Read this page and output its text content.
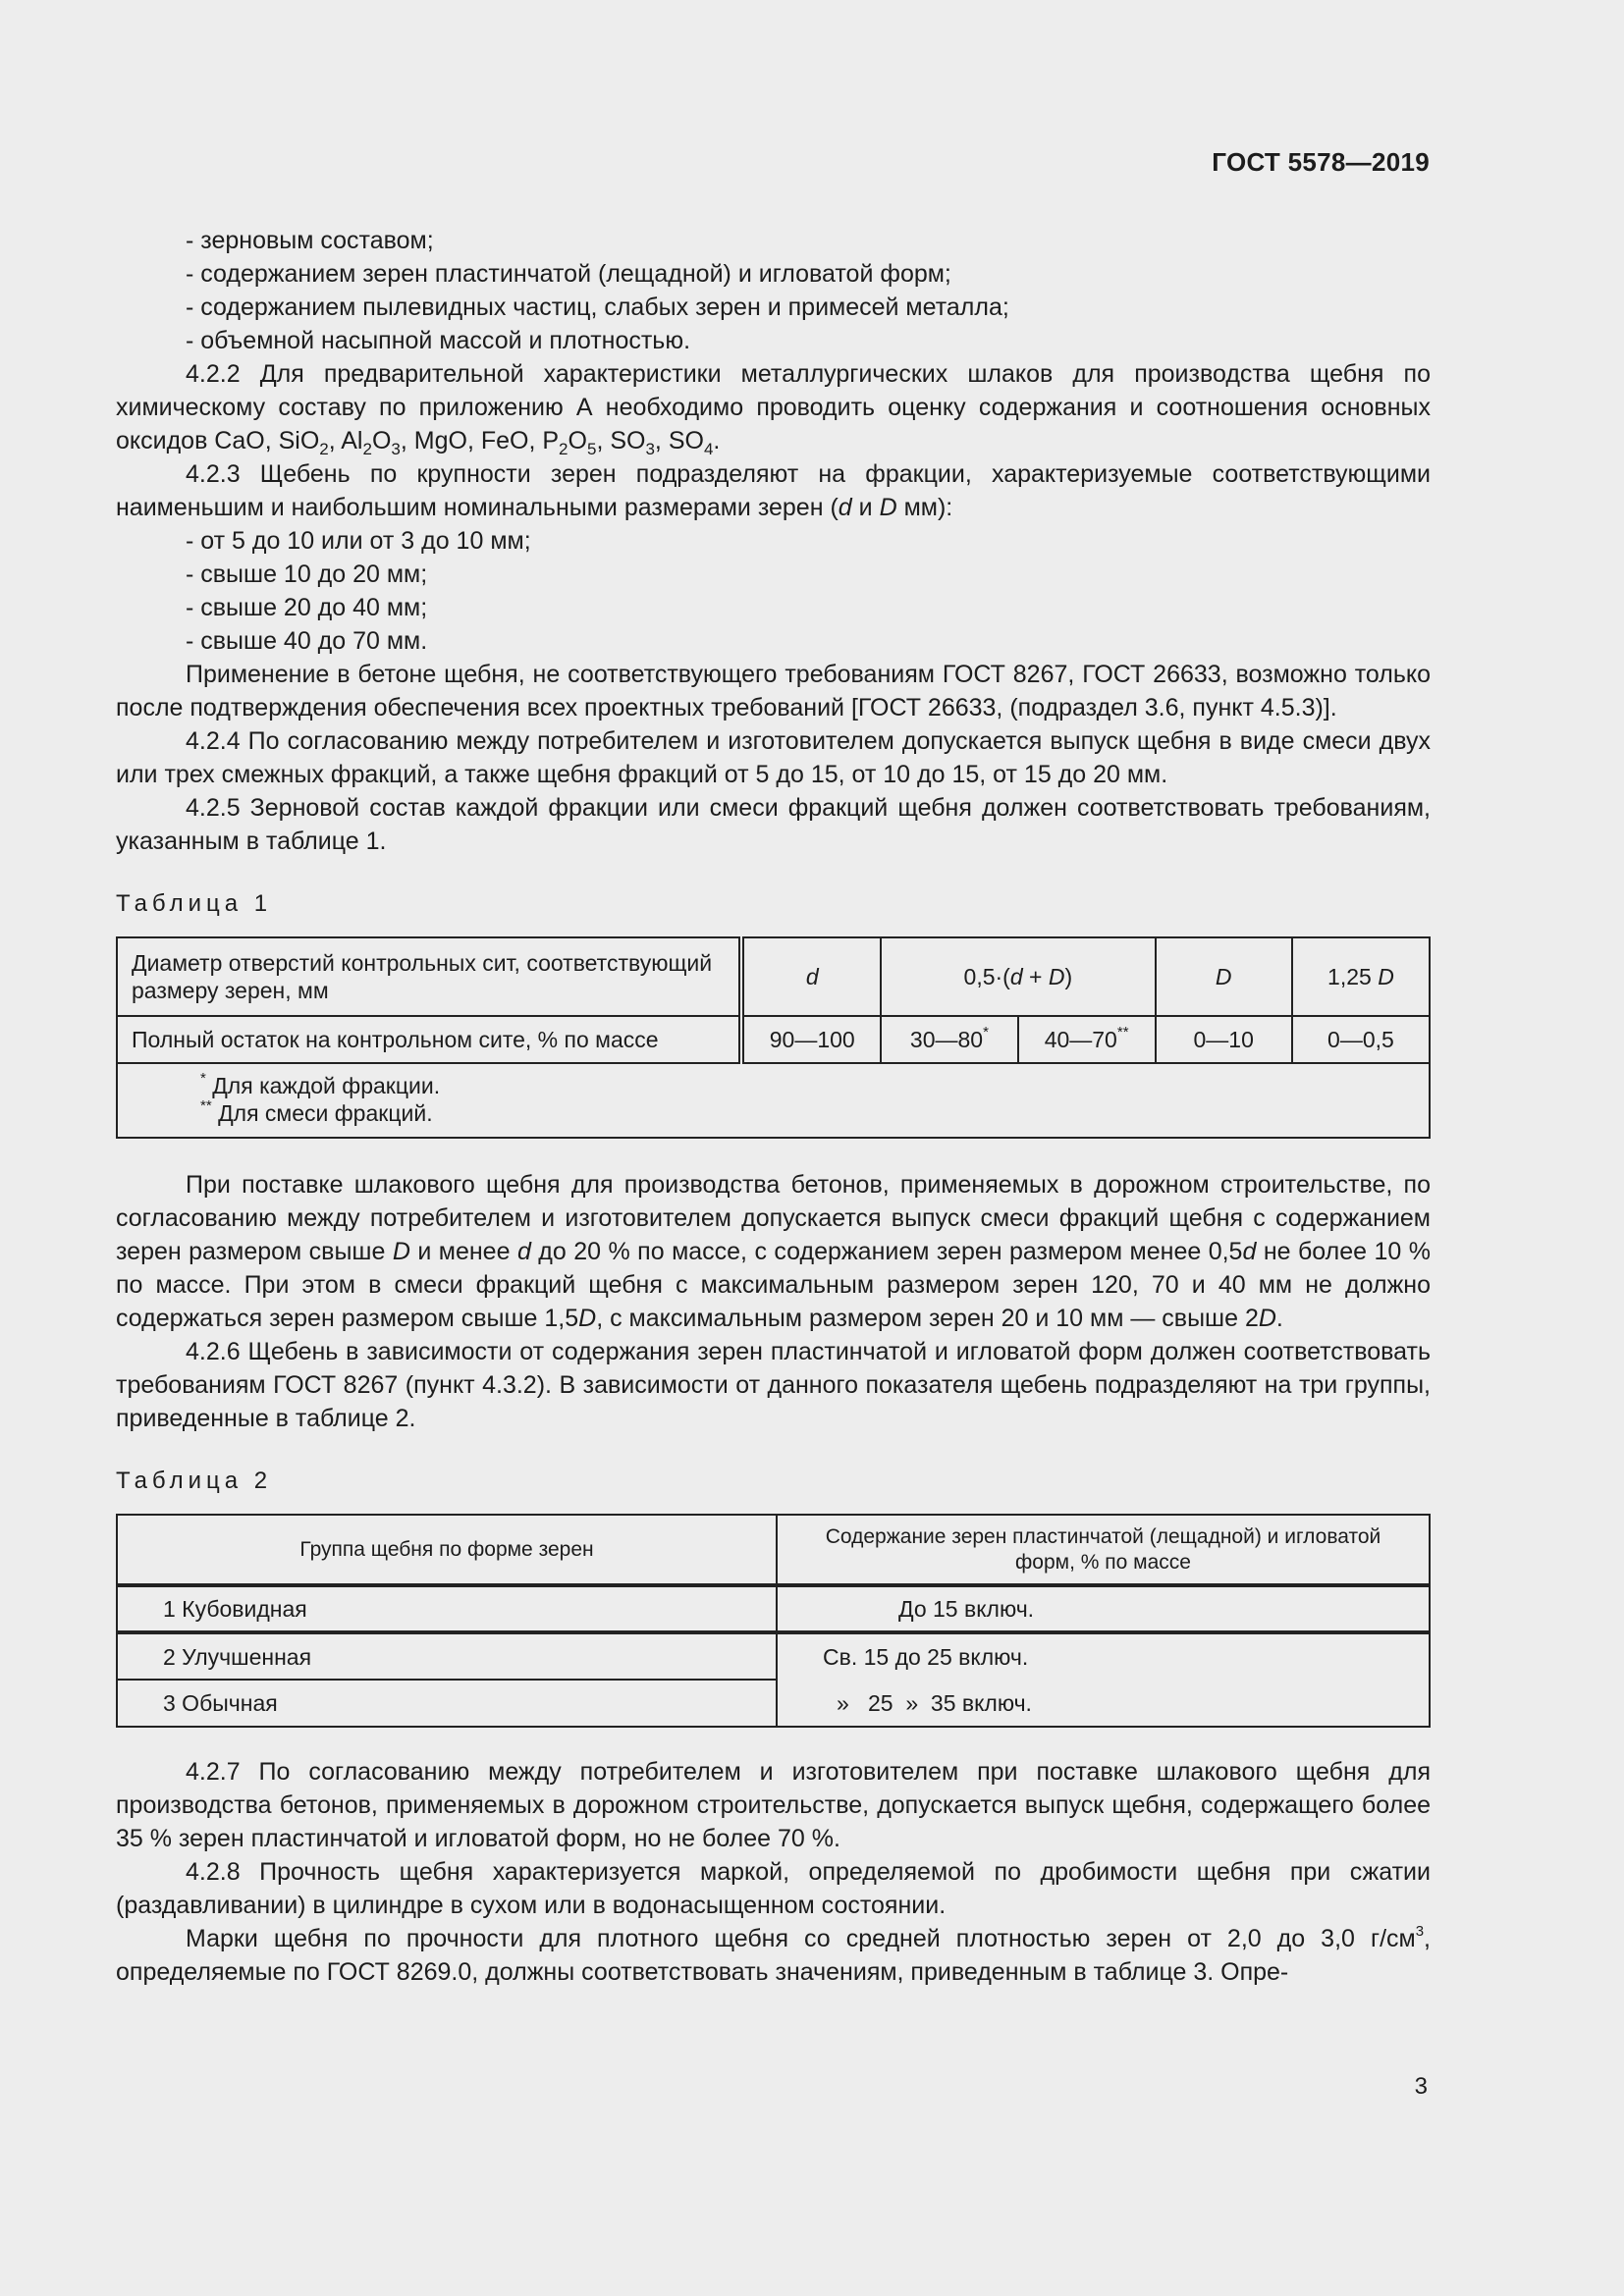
ГОСТ 5578—2019

- зерновым составом;

- содержанием зерен пластинчатой (лещадной) и игловатой форм;

- содержанием пылевидных частиц, слабых зерен и примесей металла;

- объемной насыпной массой и плотностью.

4.2.2 Для предварительной характеристики металлургических шлаков для производства щебня по химическому составу по приложению А необходимо проводить оценку содержания и соотношения основных оксидов CaO, SiO$_2$, $Al_2O_3$, MgO, FeO, $P_2O_5$, $SO_3$, $SO_4$.

4.2.3 Щебень по крупности зерен подразделяют на фракции, характеризуемые соответствующими наименьшим и наибольшим номинальными размерами зерен (d и D мм):

- от 5 до 10 или от 3 до 10 мм;

- свыше 10 до 20 мм;

- свыше 20 до 40 мм;

- свыше 40 до 70 мм.

Применение в бетоне щебня, не соответствующего требованиям ГОСТ 8267, ГОСТ 26633, возможно только после подтверждения обеспечения всех проектных требований [ГОСТ 26633, (подраздел 3.6, пункт 4.5.3)].

4.2.4 По согласованию между потребителем и изготовителем допускается выпуск щебня в виде смеси двух или трех смежных фракций, а также щебня фракций от 5 до 15, от 10 до 15, от 15 до 20 мм.

4.2.5 Зерновой состав каждой фракции или смеси фракций щебня должен соответствовать требованиям, указанным в таблице 1.

Таблица 1
Диаметр отверстий контрольных сит, соответствующий размеру зерен, мм	d	0,5·(d + D)		D	1,25 D
Полный остаток на контрольном сите, % по массе	90—100	30—80*	40—70**	0—10	0—0,5

* Для каждой фракции.
** Для смеси фракций.					

При поставке шлакового щебня для производства бетонов, применяемых в дорожном строительстве, по согласованию между потребителем и изготовителем допускается выпуск смеси фракций щебня с содержанием зерен размером свыше D и менее d до 20 % по массе, с содержанием зерен размером менее 0,5d не более 10 % по массе. При этом в смеси фракций щебня с максимальным размером зерен 120, 70 и 40 мм не должно содержаться зерен размером свыше 1,5D, с максимальным размером зерен 20 и 10 мм — свыше 2D.

4.2.6 Щебень в зависимости от содержания зерен пластинчатой и игловатой форм должен соответствовать требованиям ГОСТ 8267 (пункт 4.3.2). В зависимости от данного показателя щебень подразделяют на три группы, приведенные в таблице 2.

Таблица 2
Группа щебня по форме зерен	Содержание зерен пластинчатой (лещадной) и игловатой форм, % по массе
1 Кубовидная	До 15 включ.
2 Улучшенная	Св. 15 до 25 включ.
3 Обычная	»   25  »  35 включ.

4.2.7 По согласованию между потребителем и изготовителем при поставке шлакового щебня для производства бетонов, применяемых в дорожном строительстве, допускается выпуск щебня, содержащего более 35 % зерен пластинчатой и игловатой форм, но не более 70 %.

4.2.8 Прочность щебня характеризуется маркой, определяемой по дробимости щебня при сжатии (раздавливании) в цилиндре в сухом или в водонасыщенном состоянии.

Марки щебня по прочности для плотного щебня со средней плотностью зерен от 2,0 до 3,0 $г/см^3$, определяемые по ГОСТ 8269.0, должны соответствовать значениям, приведенным в таблице 3. Опре-

3
